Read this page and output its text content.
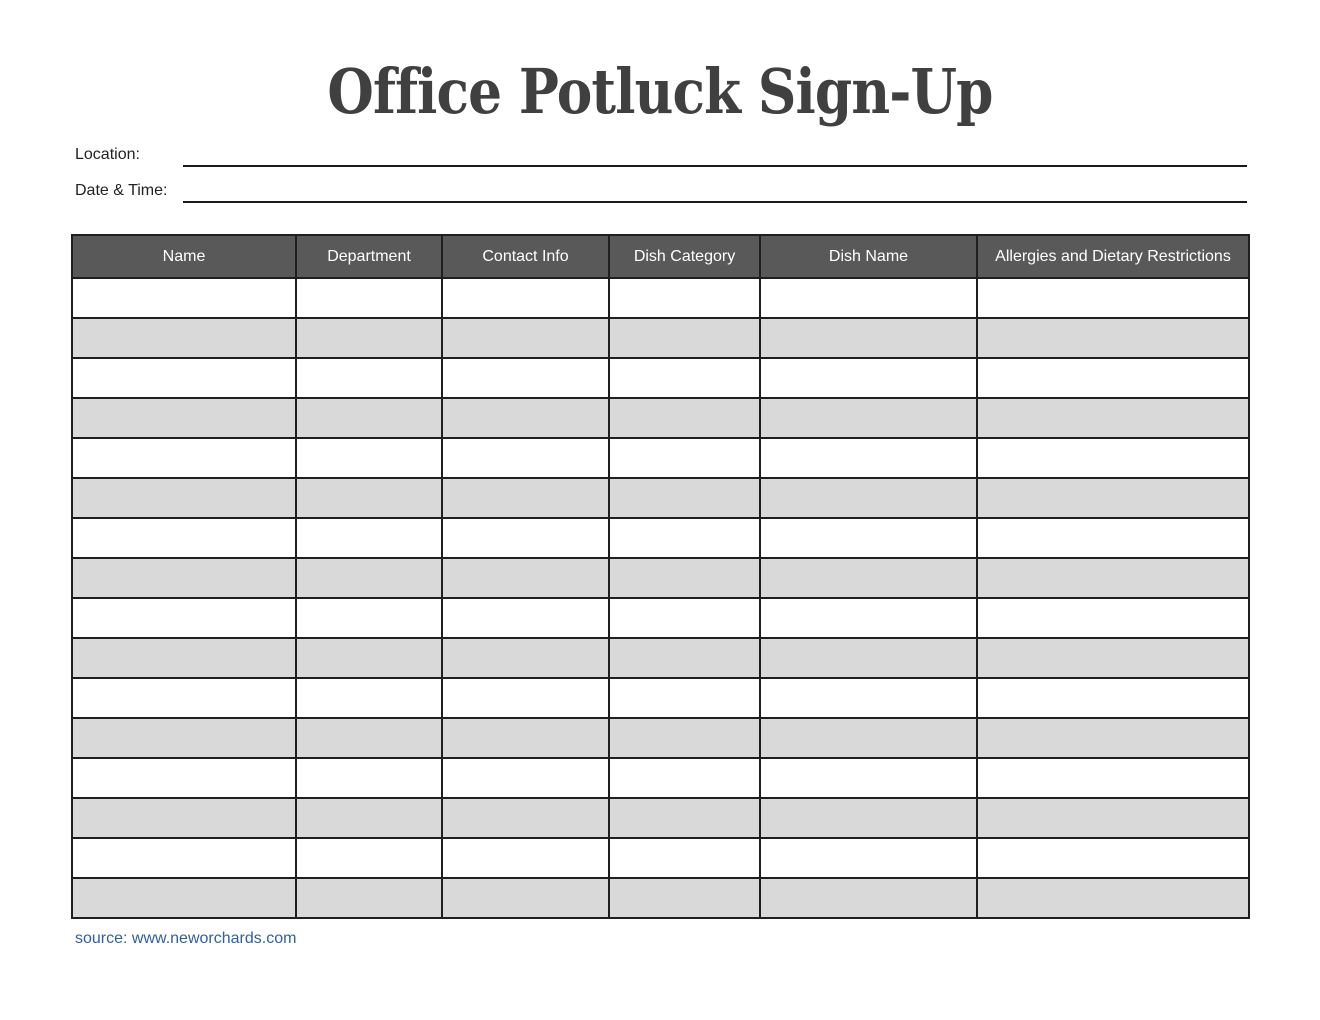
Office Potluck Sign-Up
Location:
Date & Time:
Name	Department	Contact Info	Dish Category	Dish Name	Allergies and Dietary Restrictions

source: www.neworchards.com
